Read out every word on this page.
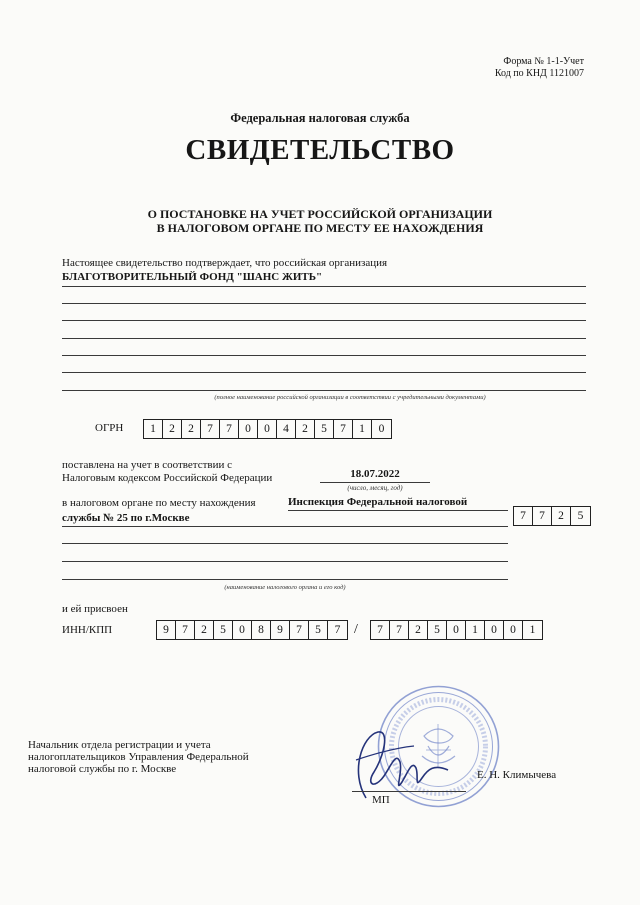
Форма № 1-1-Учет
Код по КНД 1121007
Федеральная налоговая служба
СВИДЕТЕЛЬСТВО
О ПОСТАНОВКЕ НА УЧЕТ РОССИЙСКОЙ ОРГАНИЗАЦИИ
В НАЛОГОВОМ ОРГАНЕ ПО МЕСТУ ЕЕ НАХОЖДЕНИЯ
Настоящее свидетельство подтверждает, что российская организация
БЛАГОТВОРИТЕЛЬНЫЙ ФОНД "ШАНС ЖИТЬ"
(полное наименование российской организации в соответствии с учредительными документами)
ОГРН	1	2	2	7	7	0	0	4	2	5	7	1	0
поставлена на учет в соответствии с
Налоговым кодексом Российской Федерации	18.07.2022
(число, месяц, год)
в налоговом органе по месту нахождения	Инспекция Федеральной налоговой
службы № 25 по г.Москве	7	7	2	5
(наименование налогового органа и его код)
и ей присвоен
ИНН/КПП	9	7	2	5	0	8	9	7	5	7 /	7	7	2	5	0	1	0	0	1
Начальник отдела регистрации и учета
налогоплательщиков Управления Федеральной
налоговой службы по г. Москве	Е. Н. Климычева
МП
